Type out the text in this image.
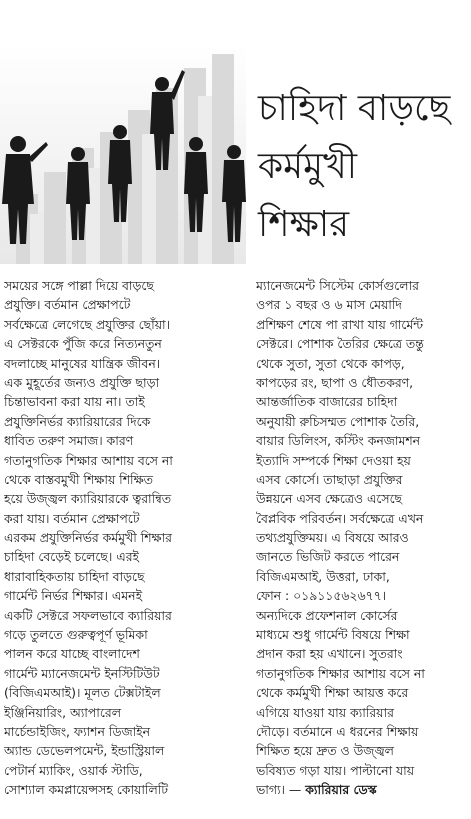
চাহিদা বাড়ছে
কর্মমুখী
শিক্ষার
সময়ের সঙ্গে পাল্লা দিয়ে বাড়ছে
প্রযুক্তি। বর্তমান প্রেক্ষাপটে
সর্বক্ষেত্রে লেগেছে প্রযুক্তির ছোঁয়া।
এ সেক্টরকে পুঁজি করে নিত্যনতুন
বদলাচ্ছে মানুষের যান্ত্রিক জীবন।
এক মুহূর্তের জন্যও প্রযুক্তি ছাড়া
চিন্তাভাবনা করা যায় না। তাই
প্রযুক্তিনির্ভর ক্যারিয়ারের দিকে
ধাবিত তরুণ সমাজ। কারণ
গতানুগতিক শিক্ষার আশায় বসে না
থেকে বাস্তবমুখী শিক্ষায় শিক্ষিত
হয়ে উজ্জ্বল ক্যারিয়ারকে ত্বরান্বিত
করা যায়। বর্তমান প্রেক্ষাপটে
এরকম প্রযুক্তিনির্ভর কর্মমুখী শিক্ষার
চাহিদা বেড়েই চলেছে। এরই
ধারাবাহিকতায় চাহিদা বাড়ছে
গার্মেন্ট নির্ভর শিক্ষার। এমনই
একটি সেক্টরে সফলভাবে ক্যারিয়ার
গড়ে তুলতে গুরুত্বপূর্ণ ভূমিকা
পালন করে যাচ্ছে বাংলাদেশ
গার্মেন্ট ম্যানেজমেন্ট ইনস্টিটিউট
(বিজিএমআই)। মূলত টেক্সটাইল
ইঞ্জিনিয়ারিং, অ্যাপারেল
মার্চেন্ডাইজিং, ফ্যাশন ডিজাইন
অ্যান্ড ডেভেলপমেন্ট, ইন্ডাস্ট্রিয়াল
পেটার্ন ম্যাকিং, ওয়ার্ক স্টাডি,
সোশ্যাল কমপ্লায়েন্সসহ কোয়ালিটি
ম্যানেজমেন্ট সিস্টেম কোর্সগুলোর
ওপর ১ বছর ও ৬ মাস মেয়াদি
প্রশিক্ষণ শেষে পা রাখা যায় গার্মেন্ট
সেক্টরে। পোশাক তৈরির ক্ষেত্রে তন্তু
থেকে সুতা, সুতা থেকে কাপড়,
কাপড়ের রং, ছাপা ও ধৌতকরণ,
আন্তর্জাতিক বাজারের চাহিদা
অনুযায়ী রুচিসম্মত পোশাক তৈরি,
বায়ার ডিলিংস, কস্টিং কনজামশন
ইত্যাদি সম্পর্কে শিক্ষা দেওয়া হয়
এসব কোর্সে। তাছাড়া প্রযুক্তির
উন্নয়নে এসব ক্ষেত্রেও এসেছে
বৈপ্লবিক পরিবর্তন। সর্বক্ষেত্রে এখন
তথ্যপ্রযুক্তিময়। এ বিষয়ে আরও
জানতে ভিজিট করতে পারেন
বিজিএমআই, উত্তরা, ঢাকা,
ফোন : ০১৯১১৫৬২৬৭৭।
অন্যদিকে প্রফেশনাল কোর্সের
মাধ্যমে শুধু গার্মেন্ট বিষয়ে শিক্ষা
প্রদান করা হয় এখানে। সুতরাং
গতানুগতিক শিক্ষার আশায় বসে না
থেকে কর্মমুখী শিক্ষা আয়ত্ত করে
এগিয়ে যাওয়া যায় ক্যারিয়ার
দৌড়ে। বর্তমানে এ ধরনের শিক্ষায়
শিক্ষিত হয়ে দ্রুত ও উজ্জ্বল
ভবিষ্যত গড়া যায়। পাল্টানো যায়
ভাগ্য। — ক্যারিয়ার ডেস্ক
